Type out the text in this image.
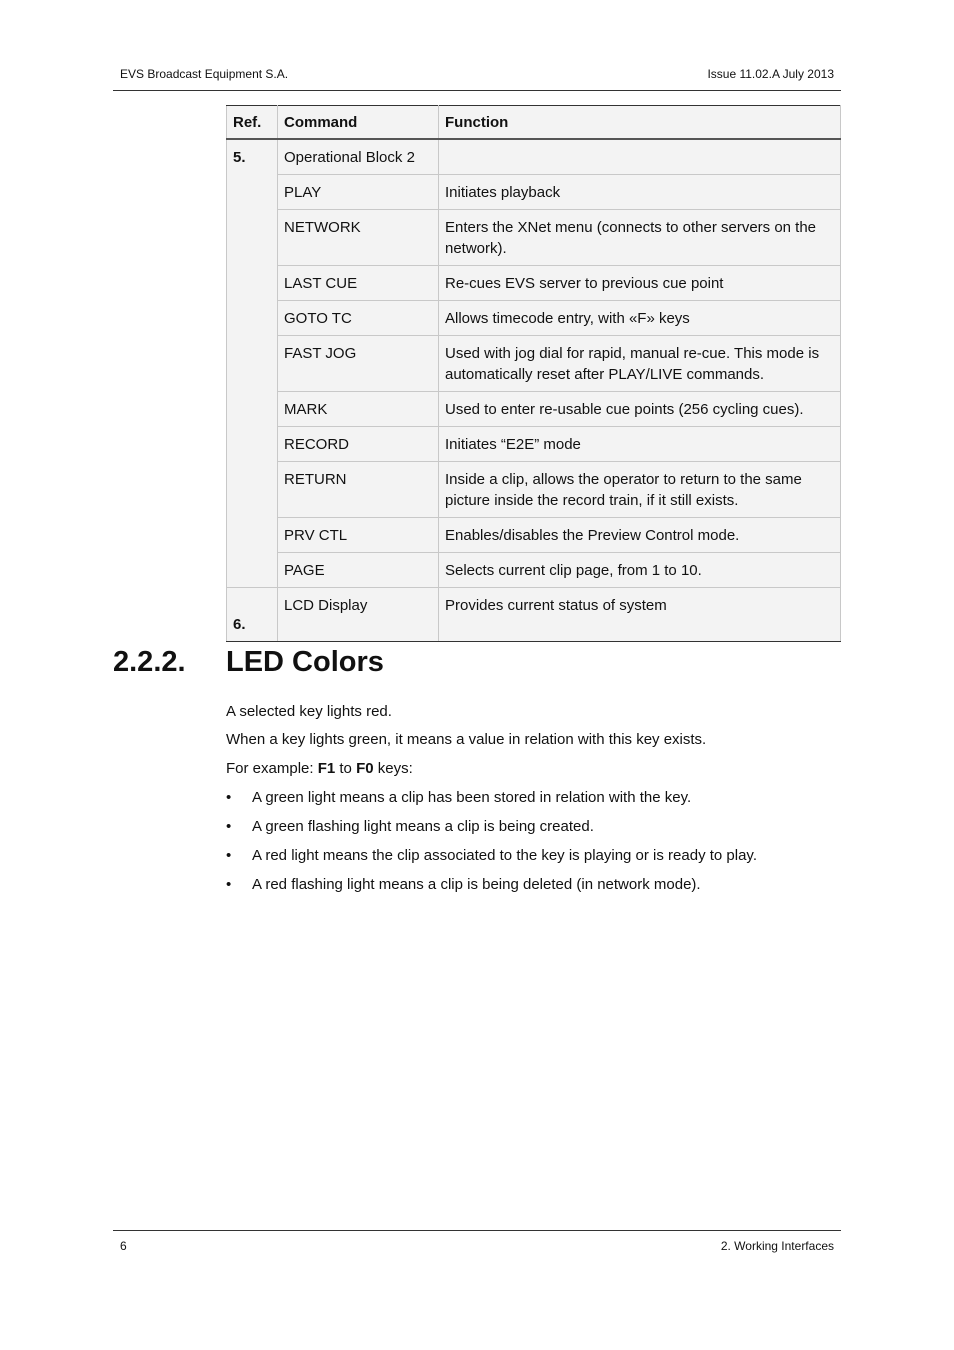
EVS Broadcast Equipment S.A.	Issue 11.02.A July 2013
Ref.	Command	Function
5.	Operational Block 2	
	PLAY	Initiates playback
	NETWORK	Enters the XNet menu (connects to other servers on the network).
	LAST CUE	Re-cues EVS server to previous cue point
	GOTO TC	Allows timecode entry, with «F» keys
	FAST JOG	Used with jog dial for rapid, manual re-cue. This mode is automatically reset after PLAY/LIVE commands.
	MARK	Used to enter re-usable cue points (256 cycling cues).
	RECORD	Initiates “E2E” mode
	RETURN	Inside a clip, allows the operator to return to the same picture inside the record train, if it still exists.
	PRV CTL	Enables/disables the Preview Control mode.
	PAGE	Selects current clip page, from 1 to 10.
6.	LCD Display	Provides current status of system
2.2.2. LED Colors
A selected key lights red.
When a key lights green, it means a value in relation with this key exists.
For example: F1 to F0 keys:
• A green light means a clip has been stored in relation with the key.
• A green flashing light means a clip is being created.
• A red light means the clip associated to the key is playing or is ready to play.
• A red flashing light means a clip is being deleted (in network mode).
6	2. Working Interfaces
